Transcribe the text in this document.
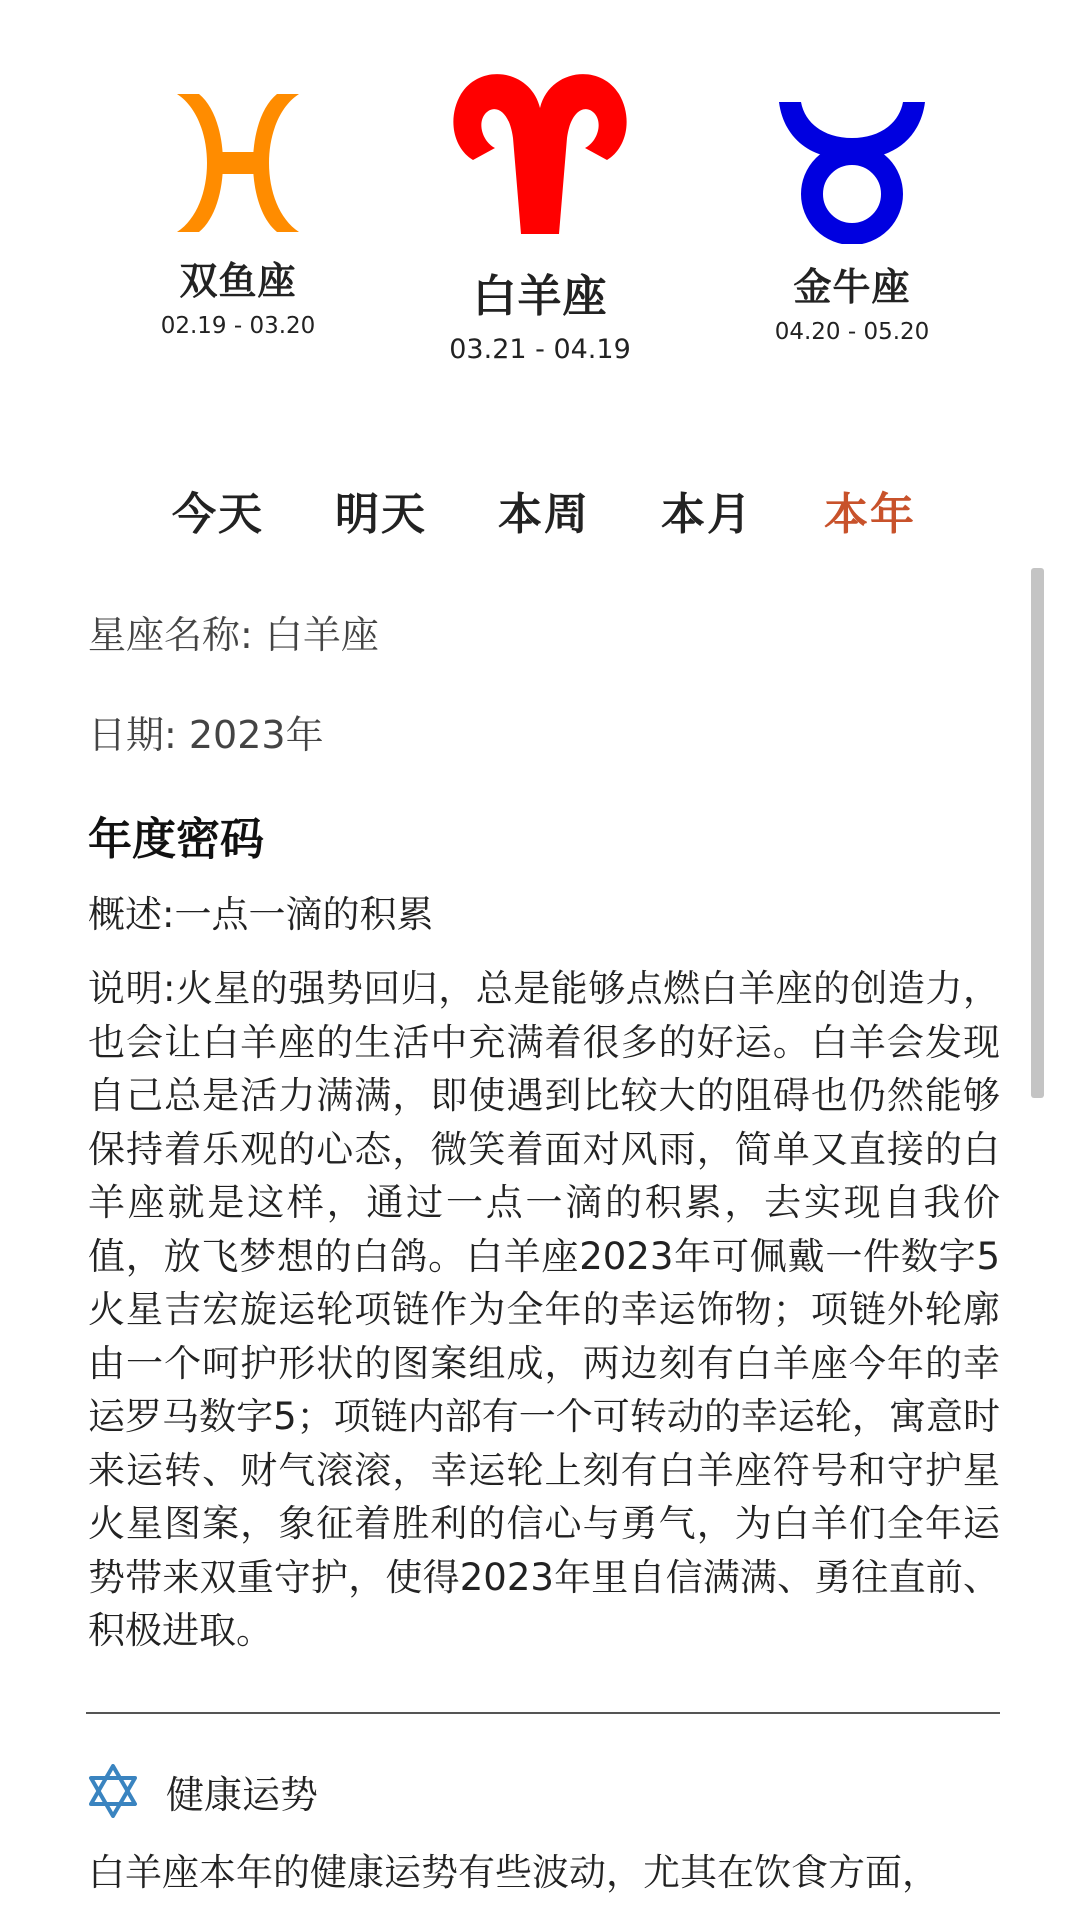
双鱼座
02.19 - 03.20
白羊座
03.21 - 04.19
金牛座
04.20 - 05.20
今天 明天 本周 本月 本年
星座名称: 白羊座
日期: 2023年
年度密码
概述:一点一滴的积累
说明:火星的强势回归，总是能够点燃白羊座的创造力，也会让白羊座的生活中充满着很多的好运。白羊会发现自己总是活力满满，即使遇到比较大的阻碍也仍然能够保持着乐观的心态，微笑着面对风雨，简单又直接的白羊座就是这样，通过一点一滴的积累，去实现自我价值，放飞梦想的白鸽。白羊座2023年可佩戴一件数字5火星吉宏旋运轮项链作为全年的幸运饰物；项链外轮廓由一个呵护形状的图案组成，两边刻有白羊座今年的幸运罗马数字5；项链内部有一个可转动的幸运轮，寓意时来运转、财气滚滚，幸运轮上刻有白羊座符号和守护星火星图案，象征着胜利的信心与勇气，为白羊们全年运势带来双重守护，使得2023年里自信满满、勇往直前、积极进取。
健康运势
白羊座本年的健康运势有些波动，尤其在饮食方面，
